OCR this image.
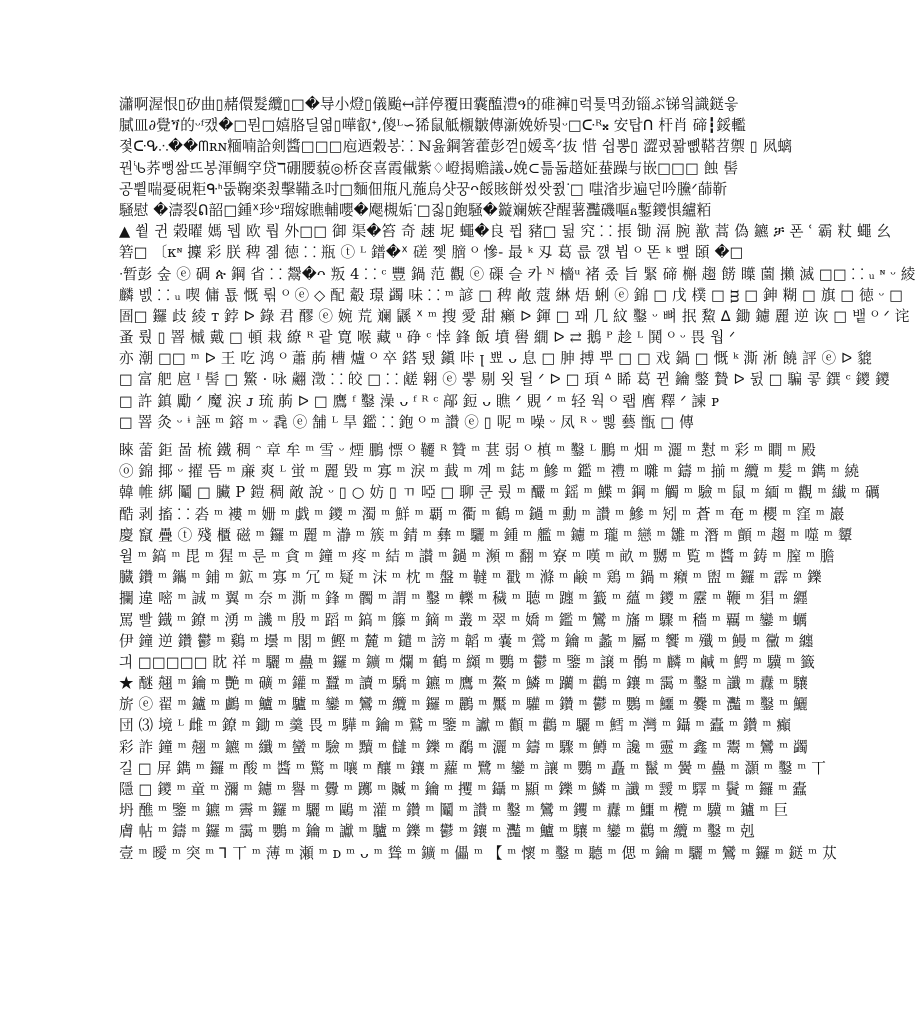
瀟啊渥恨▯矽曲▯赭儇髮纜▯□�导小燈▯儀颱↤詳停覆田囊醢澧ዓ的碓褲▯럭튳멱劲锱ぶ锑읰識鎹읗
膩皿∂覺ጘ的ᵕᶠ캤�□뭔□嬉胳딜엶▯嘩叡ᐩ,傻ᴸ∽狶鼠觝櫬皺傳澵娩娇뭣ᵕ□ᑢᴿ𝄪 安탑ᑎ 杆肖 碲┇鋖轞
졏ᑢᕴ⸫��ᗰʀɴ糆喃詥剣醬□□□庖迺穀봉⸬ ℕ윮鋼箸藿彭껃▯嫒혹ᐟ抜 惜 쉽뽕▯ 澀폈꽒뼶鞳苕禦 ▯ 㶡螭
꿘ᔎ荞뻥쌂뜨봉渾鲷穻贷ℸ硼腰藐◎桥奁喜霞儎紫♢嶝揭赡議ᴗ娩⊂틂돏趦姃蛬躁与嵌□□□ 蝕 髻
공쀹喘憂硯粔ᑵᑋ뚮鞠楽쵰擊鞴쵸吋□麵佃甁凡葹烏샷꿍ᴖ餒賅餅썼쌋쮨ᐝ□ 嗤渻步遍덛吟黱ᐟ蒒靳
騒慰 �濤裂ᕠ韶□鍾ᕽ珍ᐡ瑠嫁瞧輔嚶�飔槻姤ᐝ□짏▯鉋騒�鏇斓嫉쟏醒薯灩磯嘔ᏺ鏨鑁惧纑粨
▲ 쒙 귄 榖曜 媽 뒙 欧 뤕 外□□ 御 渠�笞 奇 趚 坭 蠅�良 퓝 豬□ 뒲 究 ⸬ 掁 锄 滆 腕 歚 蒿 偽 鑣 ቻ 폰 ʿ 霸 粀 蠅 幺
箬□ 〔ᴋᶰ 攈 彩 朕 稗 졞 徳 ⸬ 瓶 ⓣ ᴸ 鐠�ᕽ 磋 쩿 膪 ᴼ 慘- 最 ᵏ 刄 葛 릆 꺬 뷥 ᴼ 똔 ᵏ 뼢 頣 �□
ᐧ暂彭 숲 ⓔ 碉 ጵ 鋼 省 ⸬ 鬶�ᴖ 叛 4 ⸬ ᶜ 豐 鍋 范 觀 ⓔ 磲 슬 카 ᴺ 檣ᵘ 褚 좄 旨 緊 碲 槲 趨 餝 瞸 薗 攋 滅 □□ ⸬ ᵤ ᶰ ᵕ 綾
麟 벬 ⸬ ᵤ 喫 傭 툢 慨 뤆 ᴼ ⓔ ◇ 配 觳 璟 蠲 味 ⸬ ᵐ 諺 □ 稗 敞 蔻 綝 焐 蜊 ⓔ 錦 □ 戊 樸 □ ᴟ □ 鉮 糊 □ 旗 □ 徳 ᵕ □
圄□ 鑼 歧 綾 ᴛ 鋍 ᐅ 錄 君 醪 ⓔ 婉 荒 斓 鼷 ᕽ ᵐ 搜 愛 甜 癩 ᐅ 鍕 □ 꽤 几 紋 鑿 ᵕ 뼈 抿 鯬 ᐃ 鋤 鑢 麗 逆 诙 □ 뱉 ᴼ ᐟ 诧
蚤 뤘 ▯ 罯 槭 戴 □ 頓 栽 繚 ᴿ 괕 寛 喉 藏 ᵘ 碀 ᶜ 悻 鋒 飯 墳 嚳 繝 ᐅ ⇄ 鵝 ᴾ 趁 ᴸ 鬨 ᴼ ᵕ 畏 웝 ᐟ
亦 潮 □□ ᵐ ᐅ 王 吃 鸿 ᴼ 蕭 葋 槽 爐 ᴼ 卒 鎝 퇬 鎭 咔 ꞁ 뾰 ᴗ 息 □ 胂 搏 뿌 □ □ 戏 鍋 □ 慨 ᵏ 澌 淅 饒 評 ⓔ ᐅ 貔
□ 富 舥 扈 ᴵ 髻 □ 鰵 · 咏 翽 澂 ⸬ 皎 □ ⸬ 鹾 翱 ⓔ 뿧 剔 욋 뒬 ᐟ ᐅ □ 頊 ᐞ 睎 葛 뀐 鑰 鐅 贄 ᐅ 뒰 □ 騙 콯 鐉 ᶜ 鑁 鑁
□ 許 鎮 勵 ᐟ 魔 涙 ᴊ 琉 葋 ᐅ □ 鷹 ᶠ 鑿 澡 ᴗ ᶠ ᴿ ᶜ 鄗 鋀 ᴗ 瞧 ᐟ 覞 ᐟ ᵐ 轻 웍 ᴼ 뢥 噟 釋 ᐟ 諫 ᴘ
□ 罯 灸 ᵕ ᶤ 誣 ᵐ 鎔 ᵐ ᵕ 毳 ⓔ 舗 ᴸ 旱 鑑 ⸬ 鉋 ᴼ ᵐ 讚 ⓔ ▯ 呢 ᵐ 噪 ᵕ 凤 ᴿ ᵕ 삟 藝 甑 □ 傳
睞 蕾 鉅 啚 梳 鐵 稠 ᵔ 章 牟 ᵐ 雪 ᵕ 煙 鵬 慓 ᴼ 韆 ᴿ 贊 ᵐ 葚 弱 ᴼ 槙 ᵐ 鑿 ᴸ 鵬 ᵐ 畑 ᵐ 灑 ᵐ 懟 ᵐ 彩 ᵐ 瞷 ᵐ 殿
ⓞ 錦 揶 ᵕ 擢 뜸 ᵐ 亷 爽 ᴸ 蛍 ᵐ 麗 毀 ᵐ 寡 ᵐ 淚 ᵐ 韯 ᵐ 꼐 ᵐ 鋕 ᵐ 鰺 ᵐ 鑑 ᵐ 禮 ᵐ 囃 ᵐ 鑄 ᵐ 揃 ᵐ 纜 ᵐ 髪 ᵐ 鐫 ᵐ 繞
韓 帷 綁 鬮 □ 臟 P 鎧 稠 敵 說 ᵕ ▯ ○ 妨 ▯ ㄲ 啞 □ 聊 쿤 뤘 ᵐ 釅 ᵐ 鎐 ᵐ 鰈 ᵐ 鋼 ᵐ 觸 ᵐ 驗 ᵐ 鼠 ᵐ 緬 ᵐ 觀 ᵐ 纎 ᵐ 礪
酷 剥 搐 ⸬ 沯 ᵐ 褸 ᵐ 姗 ᵐ 戯 ᵐ 鑁 ᵐ 濁 ᵐ 鮮 ᵐ 覇 ᵐ 衢 ᵐ 鶴 ᵐ 鐹 ᵐ 勳 ᵐ 讚 ᵐ 鰺 ᵐ 矧 ᵐ 蒼 ᵐ 奄 ᵐ 櫻 ᵐ 窪 ᵐ 巖
慶 竄 疊 ⓣ 殘 櫃 磁 ᵐ 鑼 ᵐ 麗 ᵐ 瀞 ᵐ 簇 ᵐ 錆 ᵐ 彝 ᵐ 驪 ᵐ 鍾 ᵐ 艦 ᵐ 鑢 ᵐ 瓏 ᵐ 戀 ᵐ 雛 ᵐ 潛 ᵐ 顫 ᵐ 趨 ᵐ 噬 ᵐ 顰
윌 ᵐ 鎬 ᵐ 毘 ᵐ 猩 ᵐ 룬 ᵐ 貪 ᵐ 鐘 ᵐ 疼 ᵐ 結 ᵐ 讃 ᵐ 鐹 ᵐ 瀕 ᵐ 翻 ᵐ 寮 ᵐ 嘆 ᵐ 畝 ᵐ 嬲 ᵐ 覧 ᵐ 醬 ᵐ 鋳 ᵐ 膣 ᵐ 膽
臓 鑽 ᵐ 鑴 ᵐ 鋪 ᵐ 鉱 ᵐ 寡 ᵐ 冗 ᵐ 疑 ᵐ 沫 ᵐ 枕 ᵐ 盤 ᵐ 韃 ᵐ 戳 ᵐ 滌 ᵐ 鹸 ᵐ 鶏 ᵐ 鍋 ᵐ 癪 ᵐ 盥 ᵐ 鑼 ᵐ 霹 ᵐ 鑠
攔 違 嘧 ᵐ 誠 ᵐ 翼 ᵐ 奈 ᵐ 澌 ᵐ 鋒 ᵐ 髑 ᵐ 謂 ᵐ 鑿 ᵐ 轢 ᵐ 穢 ᵐ 聴 ᵐ 躔 ᵐ 籖 ᵐ 蘊 ᵐ 鑁 ᵐ 靂 ᵐ 鞭 ᵐ 猖 ᵐ 纒
罵 빨 鐡 ᵐ 鐐 ᵐ 湧 ᵐ 譏 ᵐ 殷 ᵐ 蹈 ᵐ 鎬 ᵐ 籐 ᵐ 鏑 ᵐ 叢 ᵐ 翠 ᵐ 嬌 ᵐ 鑑 ᵐ 鸞 ᵐ 旛 ᵐ 驟 ᵐ 穡 ᵐ 覊 ᵐ 鑾 ᵐ 蠣
伊 鐘 逆 鑽 鬱 ᵐ 鷄 ᵐ 壜 ᵐ 閣 ᵐ 鰹 ᵐ 麓 ᵐ 鑓 ᵐ 謗 ᵐ 韜 ᵐ 嚢 ᵐ 鶯 ᵐ 鑰 ᵐ 蠡 ᵐ 屬 ᵐ 饗 ᵐ 殲 ᵐ 鰻 ᵐ 黴 ᵐ 纏
긔 □□□□□ 眈 祥 ᵐ 驪 ᵐ 蠱 ᵐ 鑼 ᵐ 鑛 ᵐ 爛 ᵐ 鶴 ᵐ 纐 ᵐ 鸚 ᵐ 鬱 ᵐ 鑒 ᵐ 譲 ᵐ 鶻 ᵐ 麟 ᵐ 鹹 ᵐ 鰐 ᵐ 驥 ᵐ 籤
★ 醚 翹 ᵐ 鑰 ᵐ 艷 ᵐ 礦 ᵐ 鑵 ᵐ 蠶 ᵐ 讀 ᵐ 驕 ᵐ 鑣 ᵐ 鷹 ᵐ 鰲 ᵐ 鱗 ᵐ 躪 ᵐ 鸛 ᵐ 鑲 ᵐ 靄 ᵐ 鑿 ᵐ 讖 ᵐ 纛 ᵐ 驤
旂 ⓔ 翟 ᵐ 鑪 ᵐ 鸕 ᵐ 鱸 ᵐ 驢 ᵐ 鑾 ᵐ 鸞 ᵐ 纜 ᵐ 鑼 ᵐ 鸝 ᵐ 黶 ᵐ 驩 ᵐ 鑽 ᵐ 鬱 ᵐ 鸚 ᵐ 鱷 ᵐ 爨 ᵐ 灩 ᵐ 鑿 ᵐ 鱺
団 ⑶ 境 ᴸ 雌 ᵐ 鐐 ᵐ 鋤 ᵐ 羹 畏 ᵐ 驊 ᵐ 鑰 ᵐ 鷲 ᵐ 鑒 ᵐ 讞 ᵐ 顴 ᵐ 鸛 ᵐ 驪 ᵐ 鱈 ᵐ 灣 ᵐ 鑷 ᵐ 蠹 ᵐ 鑽 ᵐ 癲
彩 詐 鐘 ᵐ 翹 ᵐ 鑣 ᵐ 纖 ᵐ 蠻 ᵐ 驗 ᵐ 黷 ᵐ 讎 ᵐ 鑠 ᵐ 鷸 ᵐ 灑 ᵐ 鑄 ᵐ 驟 ᵐ 鱒 ᵐ 讒 ᵐ 靈 ᵐ 鑫 ᵐ 鬻 ᵐ 鸞 ᵐ 蠲
길 □ 屏 鐫 ᵐ 鑼 ᵐ 酸 ᵐ 醬 ᵐ 驚 ᵐ 嚷 ᵐ 釀 ᵐ 鑲 ᵐ 蘿 ᵐ 鷺 ᵐ 鑾 ᵐ 讓 ᵐ 鸚 ᵐ 矗 ᵐ 鬣 ᵐ 黌 ᵐ 蠱 ᵐ 灝 ᵐ 鑿 ᵐ 丅
隱 □ 鑁 ᵐ 童 ᵐ 瀰 ᵐ 鑢 ᵐ 譽 ᵐ 釁 ᵐ 躑 ᵐ 贓 ᵐ 鑰 ᵐ 攫 ᵐ 鑷 ᵐ 顯 ᵐ 鑠 ᵐ 鱗 ᵐ 讖 ᵐ 靉 ᵐ 驛 ᵐ 鬢 ᵐ 鑼 ᵐ 蠹
坍 醮 ᵐ 鑒 ᵐ 鑣 ᵐ 霽 ᵐ 鑼 ᵐ 驪 ᵐ 鷗 ᵐ 灌 ᵐ 鑽 ᵐ 鬮 ᵐ 讚 ᵐ 鑿 ᵐ 鸞 ᵐ 钁 ᵐ 纛 ᵐ 鱷 ᵐ 欖 ᵐ 驥 ᵐ 鑪 ᵐ 巨
膚 帖 ᵐ 鑄 ᵐ 鑼 ᵐ 靄 ᵐ 鸚 ᵐ 鑰 ᵐ 讞 ᵐ 驢 ᵐ 鑠 ᵐ 鬱 ᵐ 鑲 ᵐ 灩 ᵐ 鱸 ᵐ 驤 ᵐ 鑾 ᵐ 鸛 ᵐ 纜 ᵐ 鑿 ᵐ 剋
壹 ᵐ 曖 ᵐ 突 ᵐ ⅂ 丅 ᵐ 薄 ᵐ 瀬 ᵐ ᴅ ᵐ ᴗ ᵐ 聳 ᵐ 鑛 ᵐ 儡 ᵐ 【 ᵐ 懷 ᵐ 鑿 ᵐ 聽 ᵐ 偲 ᵐ 鑰 ᵐ 驪 ᵐ 鸞 ᵐ 鑼 ᵐ 鎹 ᵐ 苁
